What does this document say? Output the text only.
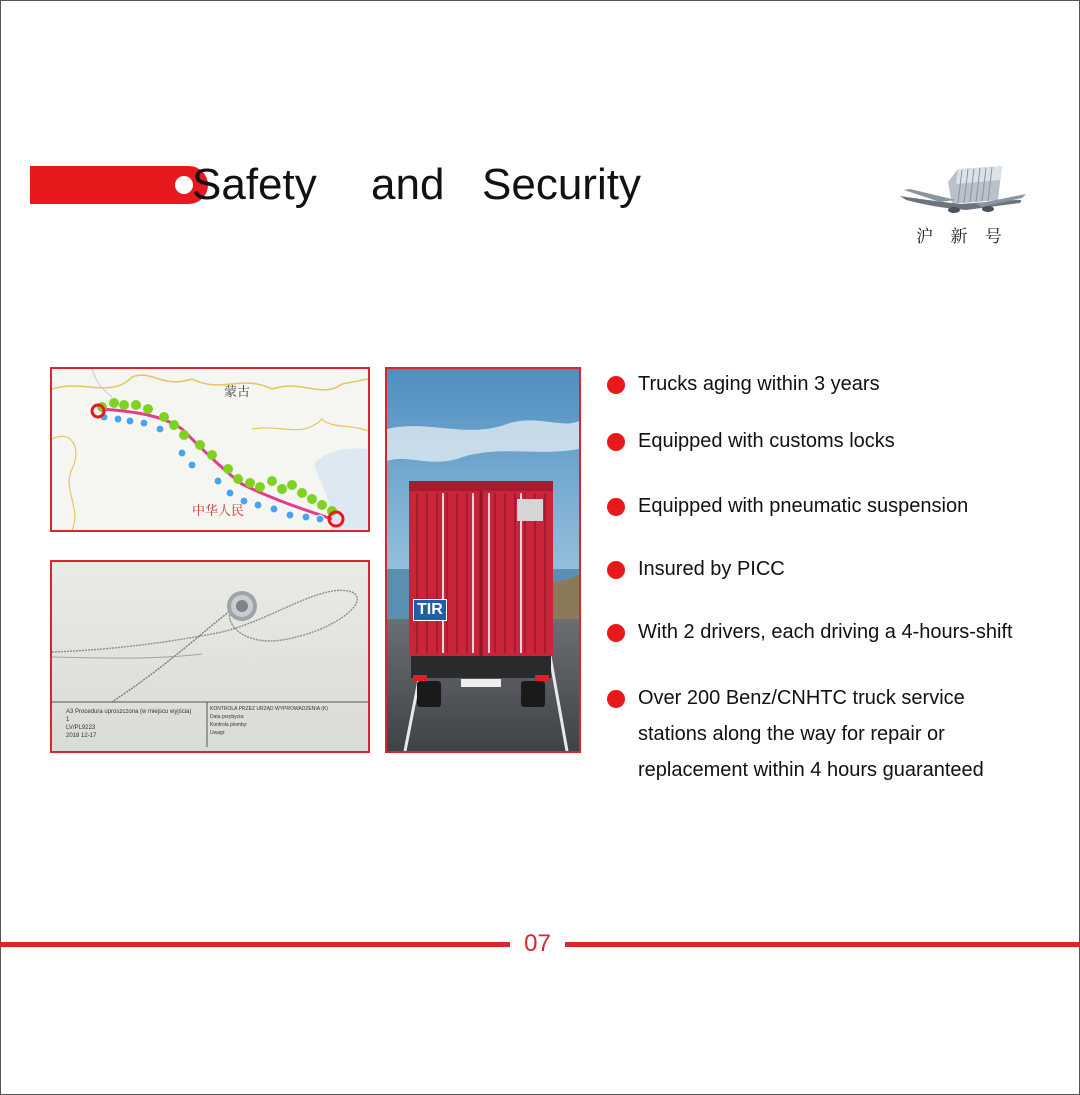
Safety and Security
沪 新 号
蒙古
中华人民
A3 Procedura uproszczona (w miejscu wyjścia)
1
LV/PL9223
2018 12-17
KONTROLA PRZEZ URZĄD WYPROWADZENIA (K)
Data przybycia:
Kontrola plomby:
Uwagi:
TIR
Trucks aging within 3 years
Equipped with customs locks
Equipped with pneumatic suspension
Insured by PICC
With 2 drivers, each driving a 4-hours-shift
Over 200 Benz/CNHTC truck service stations along the way for repair or replacement within 4 hours guaranteed
07
